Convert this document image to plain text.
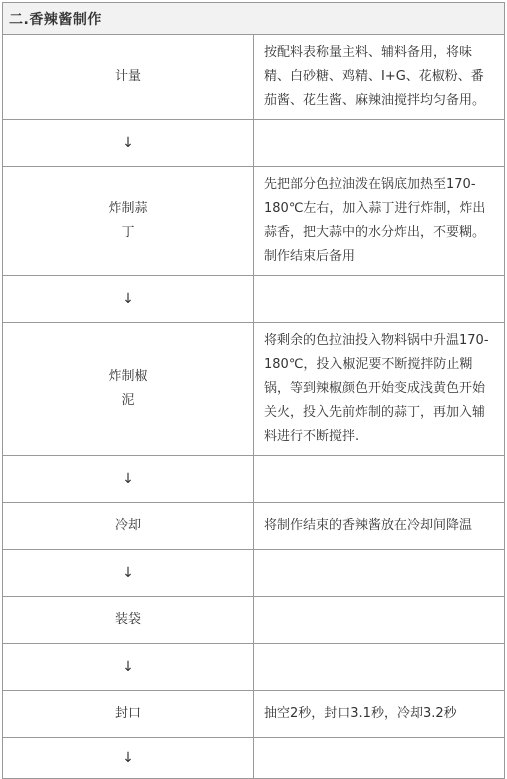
二.香辣酱制作	
计量	按配料表称量主料、辅料备用，将味精、白砂糖、鸡精、I+G、花椒粉、番茄酱、花生酱、麻辣油搅拌均匀备用。
↓	
炸制蒜丁	先把部分色拉油泼在锅底加热至170-180℃左右，加入蒜丁进行炸制，炸出蒜香，把大蒜中的水分炸出，不要糊。制作结束后备用
↓	
炸制椒泥	将剩余的色拉油投入物料锅中升温170-180℃，投入椒泥要不断搅拌防止糊锅，等到辣椒颜色开始变成浅黄色开始关火，投入先前炸制的蒜丁，再加入辅料进行不断搅拌.
↓	
冷却	将制作结束的香辣酱放在冷却间降温
↓	
装袋	
↓	
封口	抽空2秒，封口3.1秒，冷却3.2秒
↓	
